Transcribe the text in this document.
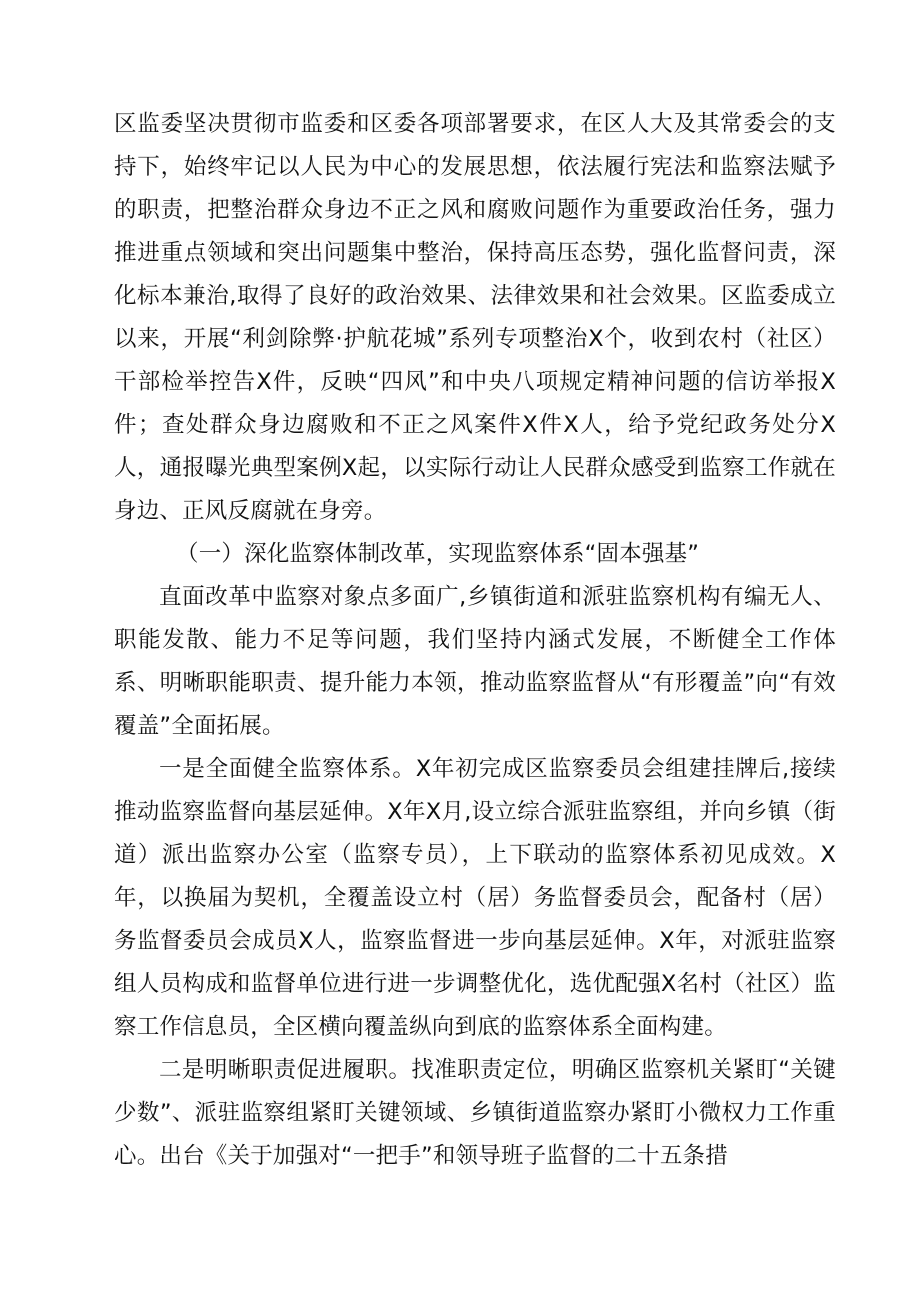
区监委坚决贯彻市监委和区委各项部署要求，在区人大及其常委会的支持下，始终牢记以人民为中心的发展思想，依法履行宪法和监察法赋予的职责，把整治群众身边不正之风和腐败问题作为重要政治任务，强力推进重点领域和突出问题集中整治，保持高压态势，强化监督问责，深化标本兼治,取得了良好的政治效果、法律效果和社会效果。区监委成立以来，开展“利剑除弊·护航花城”系列专项整治X个，收到农村（社区）干部检举控告X件，反映“四风”和中央八项规定精神问题的信访举报X件；查处群众身边腐败和不正之风案件X件X人，给予党纪政务处分X人，通报曝光典型案例X起，以实际行动让人民群众感受到监察工作就在身边、正风反腐就在身旁。

（一）深化监察体制改革，实现监察体系“固本强基”

直面改革中监察对象点多面广,乡镇街道和派驻监察机构有编无人、职能发散、能力不足等问题，我们坚持内涵式发展，不断健全工作体系、明晰职能职责、提升能力本领，推动监察监督从“有形覆盖”向“有效覆盖”全面拓展。

一是全面健全监察体系。X年初完成区监察委员会组建挂牌后,接续推动监察监督向基层延伸。X年X月,设立综合派驻监察组，并向乡镇（街道）派出监察办公室（监察专员），上下联动的监察体系初见成效。X年，以换届为契机，全覆盖设立村（居）务监督委员会，配备村（居）务监督委员会成员X人，监察监督进一步向基层延伸。X年，对派驻监察组人员构成和监督单位进行进一步调整优化，选优配强X名村（社区）监察工作信息员，全区横向覆盖纵向到底的监察体系全面构建。

二是明晰职责促进履职。找准职责定位，明确区监察机关紧盯“关键少数”、派驻监察组紧盯关键领域、乡镇街道监察办紧盯小微权力工作重心。出台《关于加强对“一把手”和领导班子监督的二十五条措
